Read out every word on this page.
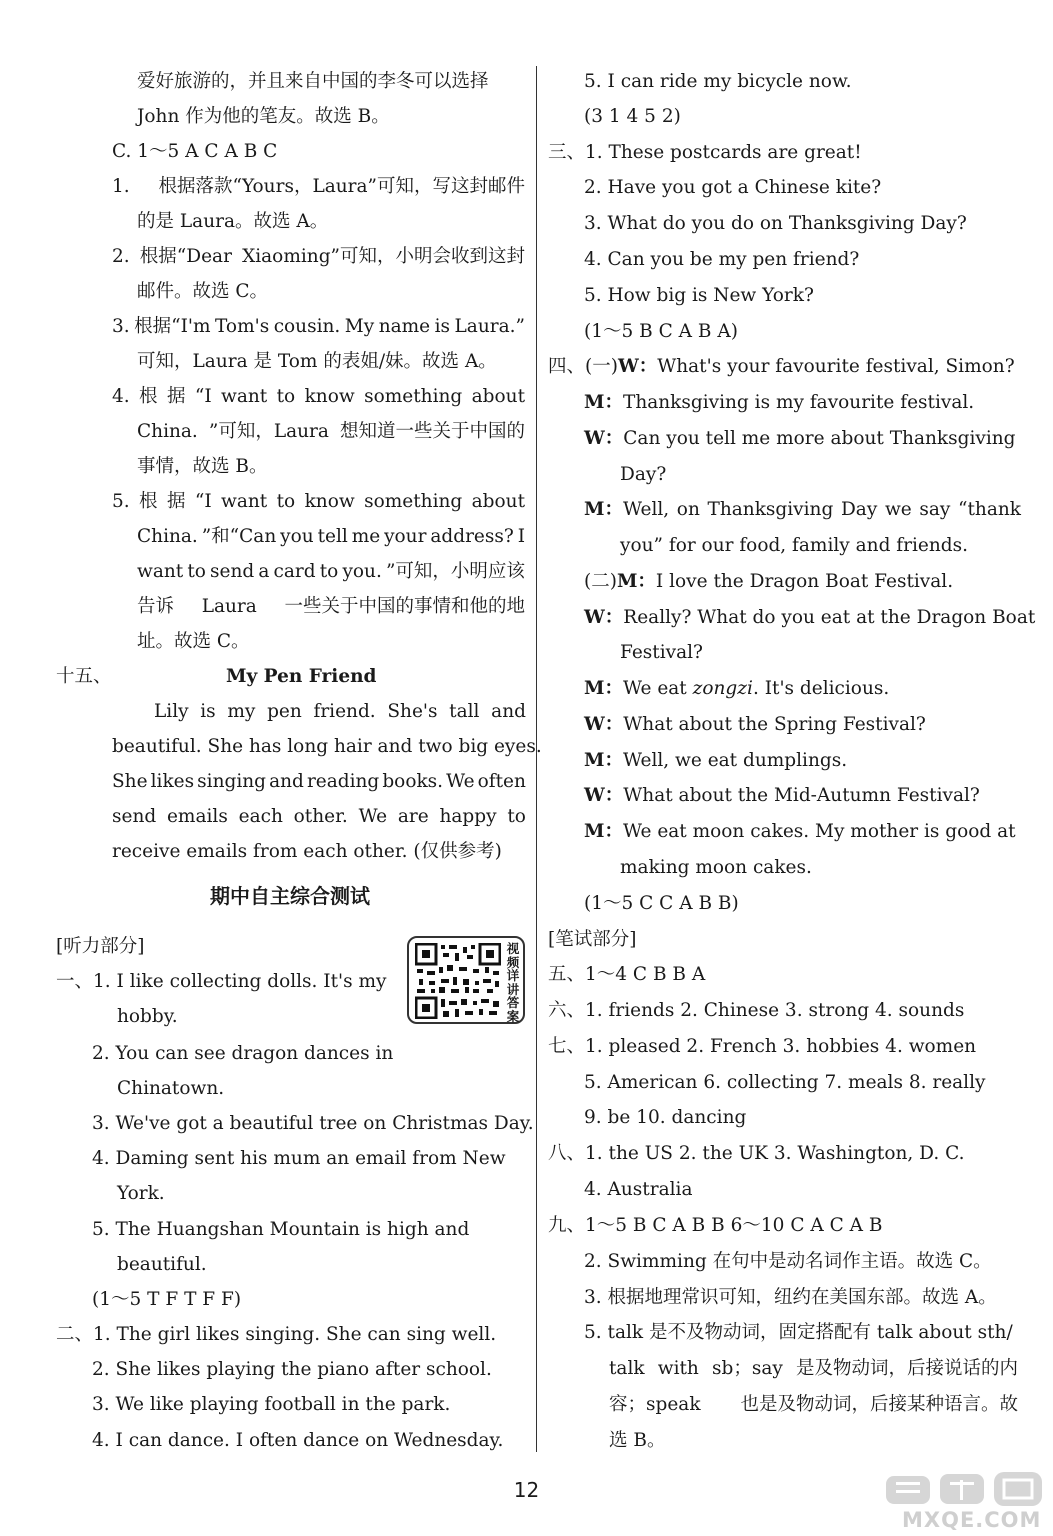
爱好旅游的，并且来自中国的李冬可以选择
John 作为他的笔友。故选 B。
C. 1～5 A C A B C
1. 根据落款“Yours，Laura”可知，写这封邮件
的是 Laura。故选 A。
2. 根据“Dear Xiaoming”可知，小明会收到这封
邮件。故选 C。
3. 根据“I'm Tom's cousin. My name is Laura.”
可知，Laura 是 Tom 的表姐/妹。故选 A。
4. 根 据 “I want to know something about
China. ”可知，Laura 想知道一些关于中国的
事情，故选 B。
5. 根 据 “I want to know something about
China. ”和“Can you tell me your address? I
want to send a card to you. ”可知，小明应该
告诉 Laura 一些关于中国的事情和他的地
址。故选 C。
十五、	My Pen Friend
Lily is my pen friend. She's tall and
beautiful. She has long hair and two big eyes.
She likes singing and reading books. We often
send emails each other. We are happy to
receive emails from each other. (仅供参考)
期中自主综合测试
[听力部分]	视频详讲答案
一、1. I like collecting dolls. It's my
hobby.
2. You can see dragon dances in
Chinatown.
3. We've got a beautiful tree on Christmas Day.
4. Daming sent his mum an email from New
York.
5. The Huangshan Mountain is high and
beautiful.
(1～5 T F T F F)
二、1. The girl likes singing. She can sing well.
2. She likes playing the piano after school.
3. We like playing football in the park.
4. I can dance. I often dance on Wednesday.
5. I can ride my bicycle now.
(3 1 4 5 2)
三、1. These postcards are great!
2. Have you got a Chinese kite?
3. What do you do on Thanksgiving Day?
4. Can you be my pen friend?
5. How big is New York?
(1～5 B C A B A)
四、(一)W：What's your favourite festival, Simon?
M：Thanksgiving is my favourite festival.
W：Can you tell me more about Thanksgiving
Day?
M：Well, on Thanksgiving Day we say “thank
you” for our food, family and friends.
(二)M：I love the Dragon Boat Festival.
W：Really? What do you eat at the Dragon Boat
Festival?
M：We eat zongzi. It's delicious.
W：What about the Spring Festival?
M：Well, we eat dumplings.
W：What about the Mid-Autumn Festival?
M：We eat moon cakes. My mother is good at
making moon cakes.
(1～5 C C A B B)
[笔试部分]
五、1～4 C B B A
六、1. friends 2. Chinese 3. strong 4. sounds
七、1. pleased 2. French 3. hobbies 4. women
5. American 6. collecting 7. meals 8. really
9. be 10. dancing
八、1. the US 2. the UK 3. Washington, D. C.
4. Australia
九、1～5 B C A B B 6～10 C A C A B
2. Swimming 在句中是动名词作主语。故选 C。
3. 根据地理常识可知，纽约在美国东部。故选 A。
5. talk 是不及物动词，固定搭配有 talk about sth/
talk with sb；say 是及物动词，后接说话的内
容；speak 也是及物动词，后接某种语言。故
选 B。
12
MXQE.COM
